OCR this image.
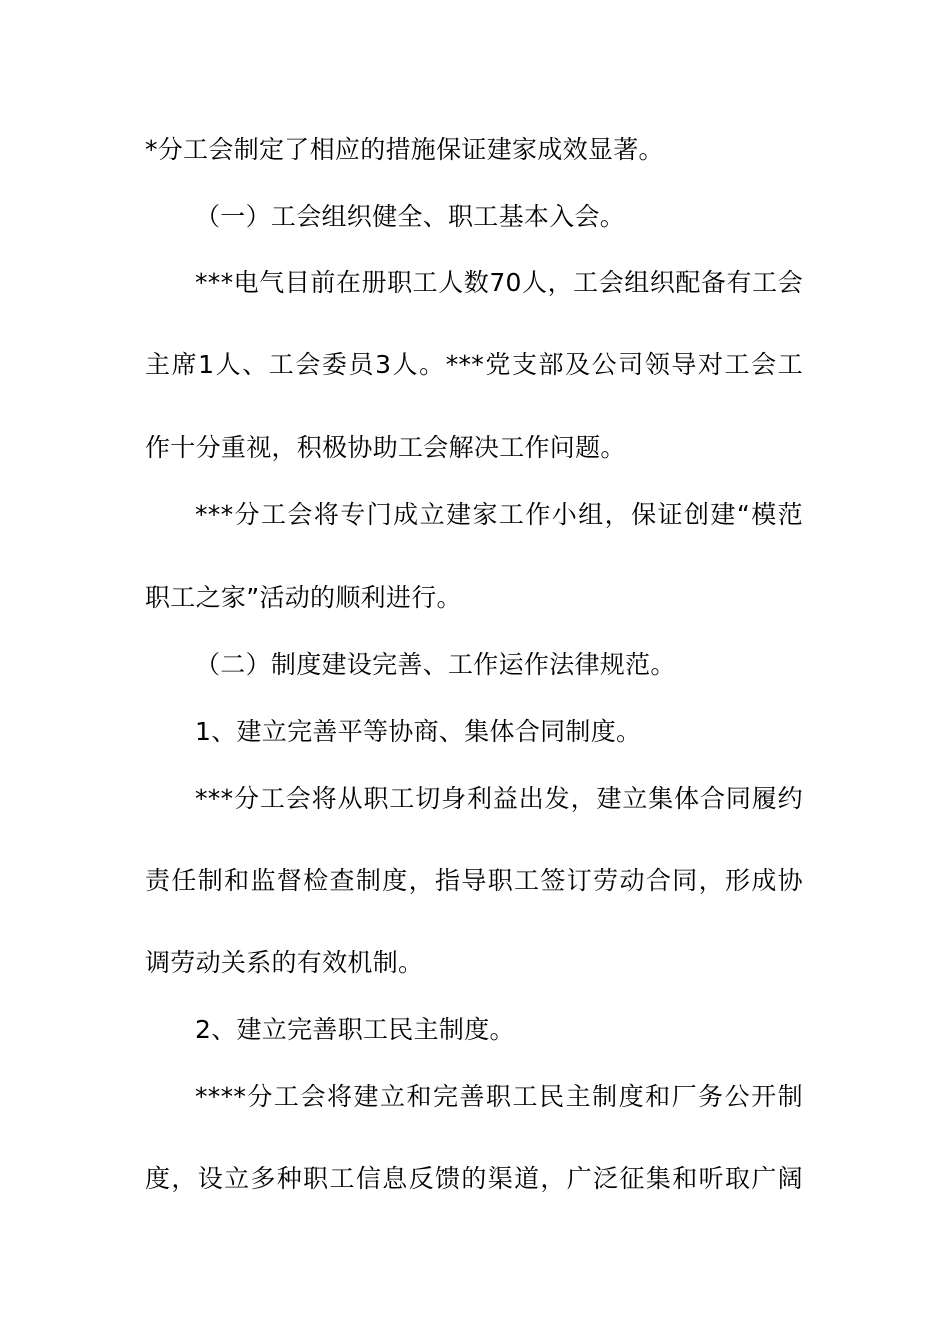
*分工会制定了相应的措施保证建家成效显著。
（一）工会组织健全、职工基本入会。
***电气目前在册职工人数70人，工会组织配备有工会
主席1人、工会委员3人。***党支部及公司领导对工会工
作十分重视，积极协助工会解决工作问题。
***分工会将专门成立建家工作小组，保证创建“模范
职工之家”活动的顺利进行。
（二）制度建设完善、工作运作法律规范。
1、建立完善平等协商、集体合同制度。
***分工会将从职工切身利益出发，建立集体合同履约
责任制和监督检查制度，指导职工签订劳动合同，形成协
调劳动关系的有效机制。
2、建立完善职工民主制度。
****分工会将建立和完善职工民主制度和厂务公开制
度，设立多种职工信息反馈的渠道，广泛征集和听取广阔
